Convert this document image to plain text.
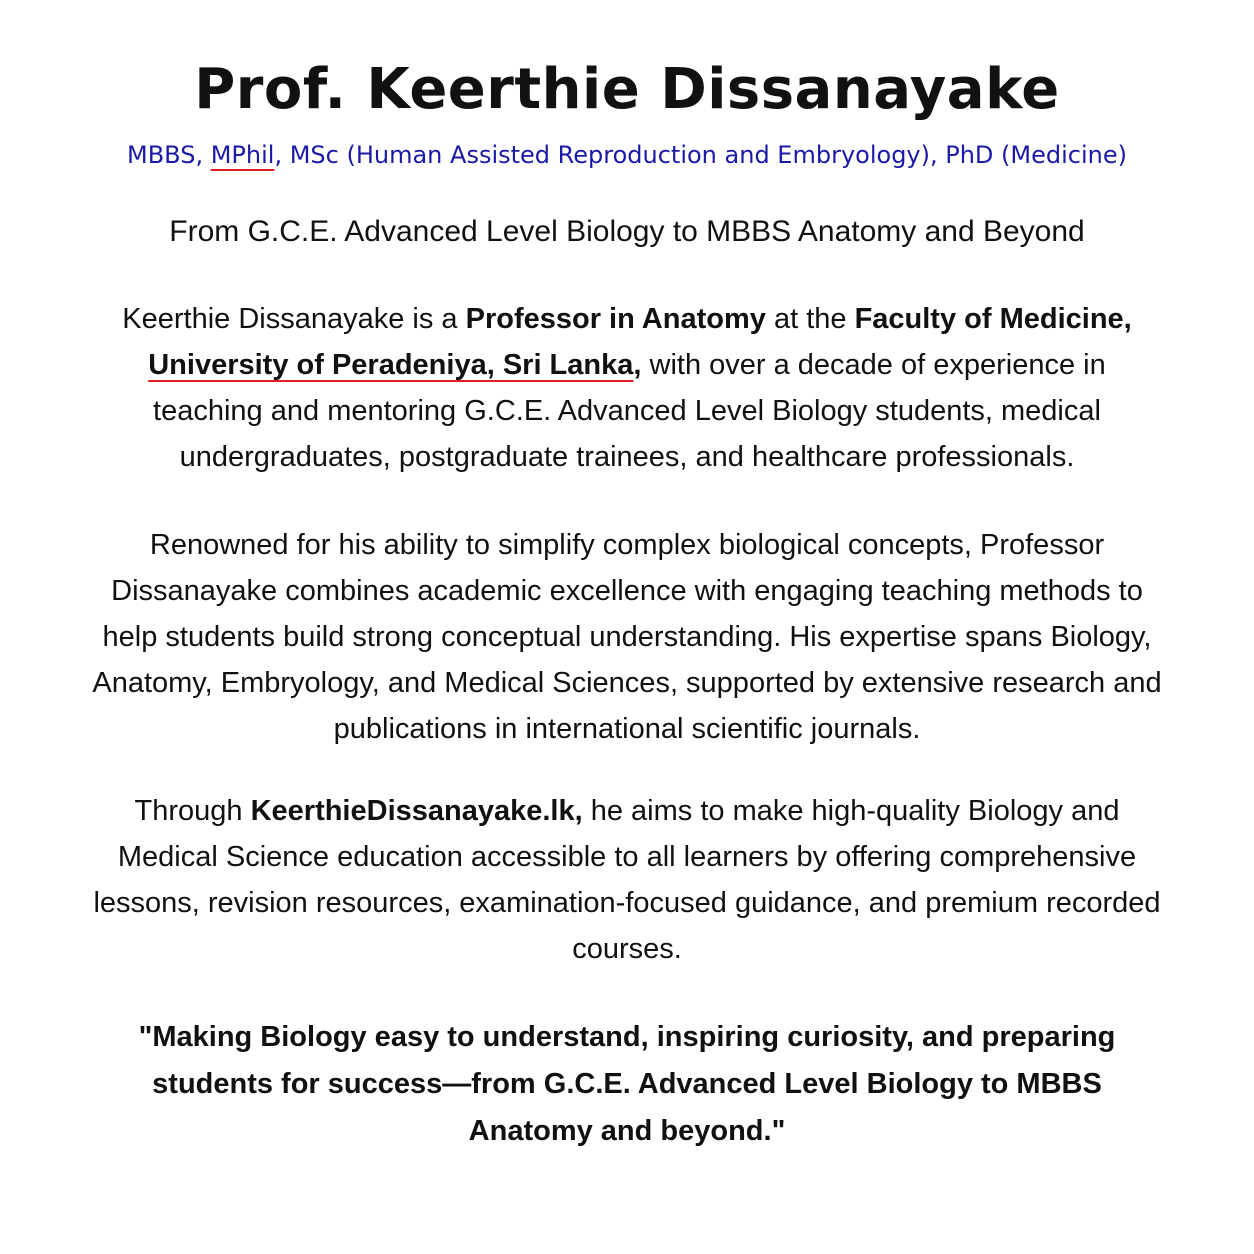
Prof. Keerthie Dissanayake

MBBS, MPhil, MSc (Human Assisted Reproduction and Embryology), PhD (Medicine)

From G.C.E. Advanced Level Biology to MBBS Anatomy and Beyond

Keerthie Dissanayake is a Professor in Anatomy at the Faculty of Medicine,
University of Peradeniya, Sri Lanka, with over a decade of experience in teaching and mentoring G.C.E. Advanced Level Biology students, medical undergraduates, postgraduate trainees, and healthcare professionals.

Renowned for his ability to simplify complex biological concepts, Professor Dissanayake combines academic excellence with engaging teaching methods to help students build strong conceptual understanding. His expertise spans Biology, Anatomy, Embryology, and Medical Sciences, supported by extensive research and publications in international scientific journals.

Through KeerthieDissanayake.lk, he aims to make high-quality Biology and Medical Science education accessible to all learners by offering comprehensive lessons, revision resources, examination-focused guidance, and premium recorded courses.

"Making Biology easy to understand, inspiring curiosity, and preparing students for success—from G.C.E. Advanced Level Biology to MBBS Anatomy and beyond."
